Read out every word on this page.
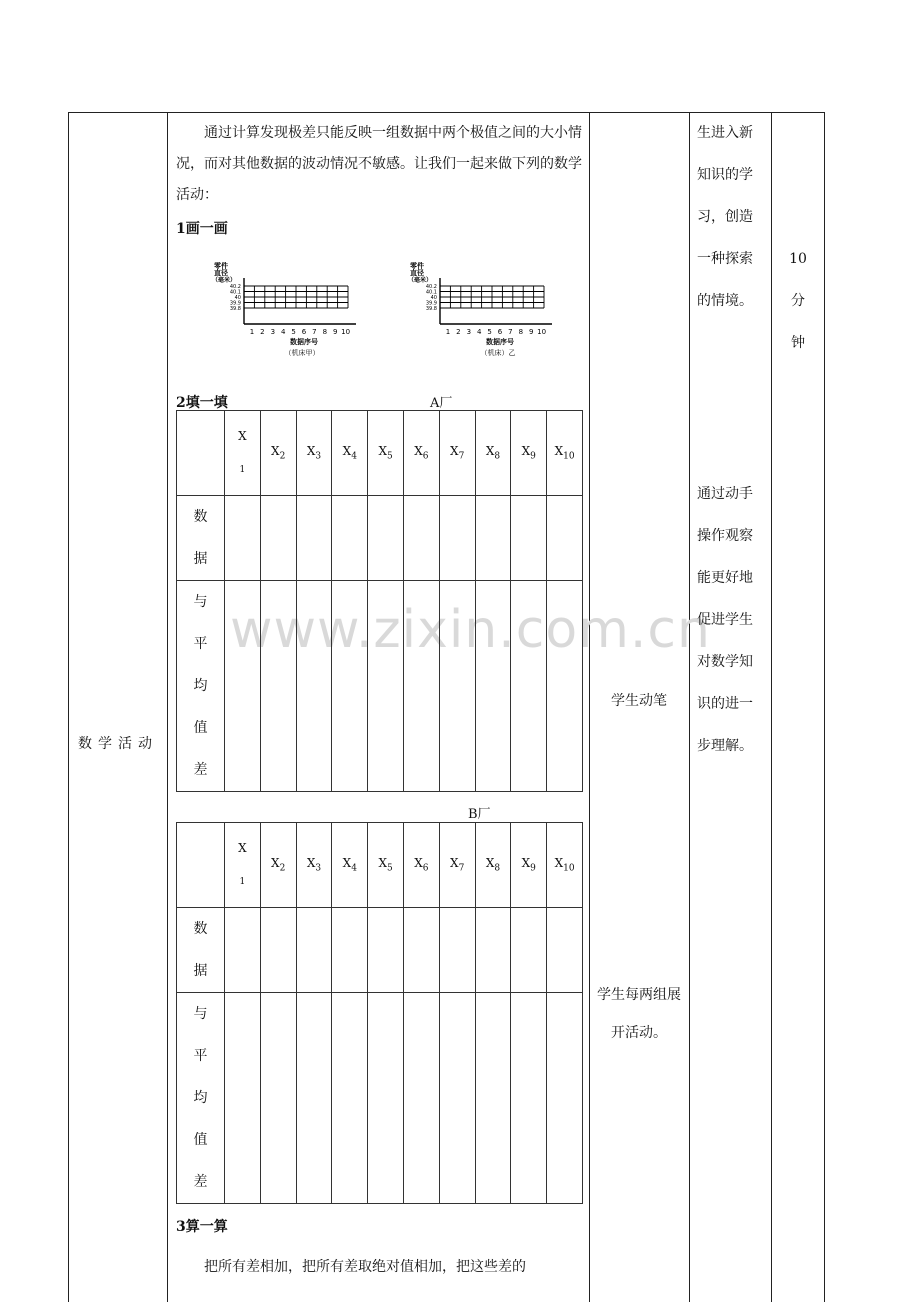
www.zixin.com.cn
数学活动
通过计算发现极差只能反映一组数据中两个极值之间的大小情况，而对其他数据的波动情况不敏感。让我们一起来做下列的数学活动：
1画一画
零件
直径
（毫米）
40.2
40.1
40
39.9
39.8
1 2 3 4 5 6 7 8 9 10
数据序号
（机床甲）
零件
直径
（毫米）
40.2
40.1
40
39.9
39.8
1 2 3 4 5 6 7 8 9 10
数据序号
（机床）乙
2填一填	A厂

	X
1	$X_2$	$X_3$	$X_4$	$X_5$	$X_6$	$X_7$	$X_8$	$X_9$	$X_{10}$

数据										

与平均值差										

B厂

	X
1	$X_2$	$X_3$	$X_4$	$X_5$	$X_6$	$X_7$	$X_8$	$X_9$	$X_{10}$

数据										

与平均值差										

3算一算
把所有差相加，把所有差取绝对值相加，把这些差的
学生动笔
学生每两组展开活动。
生进入新知识的学习，创造一种探索的情境。
通过动手操作观察能更好地促进学生对数学知识的进一步理解。
10
分
钟
